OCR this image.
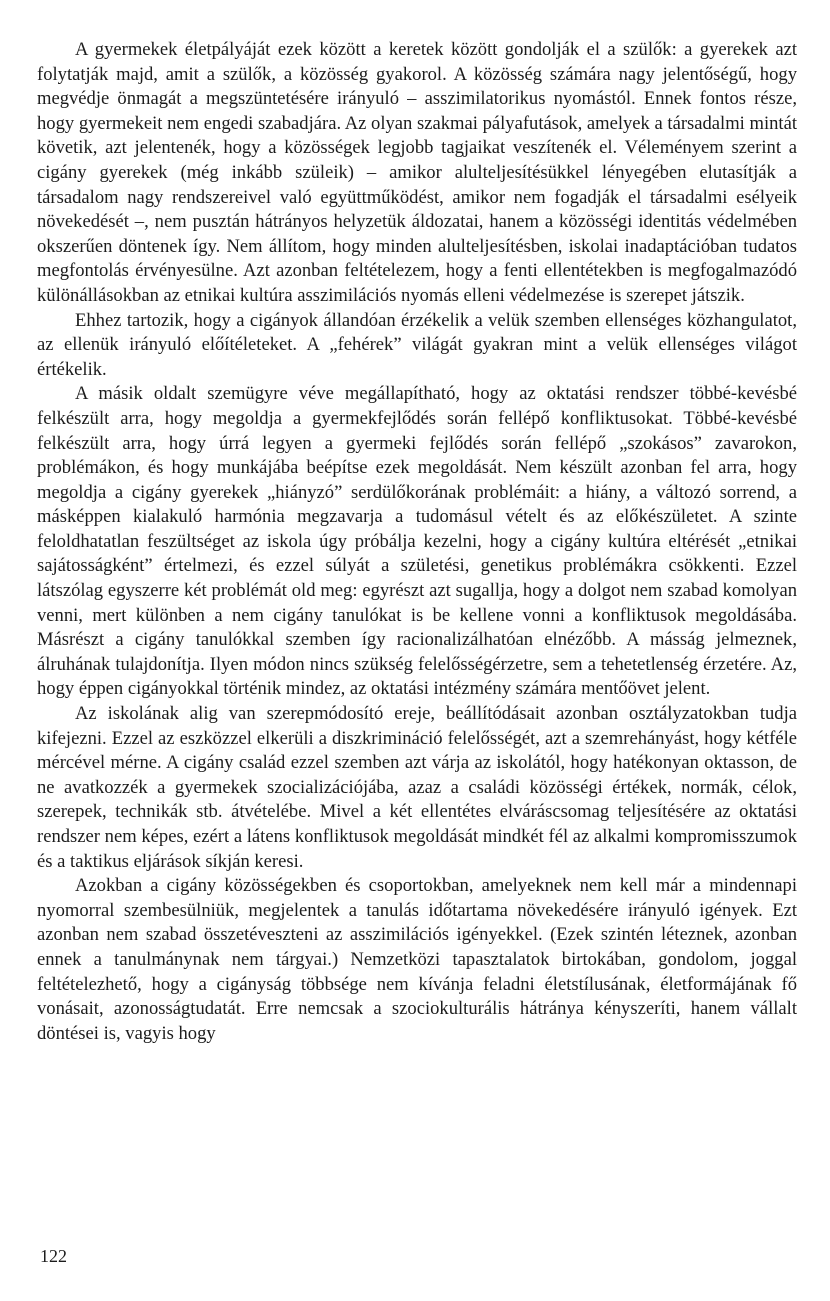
A gyermekek életpályáját ezek között a keretek között gondolják el a szülők: a gyerekek azt folytatják majd, amit a szülők, a közösség gyakorol. A közösség számára nagy jelentőségű, hogy megvédje önmagát a megszüntetésére irányuló – asszimilatorikus nyomástól. Ennek fontos része, hogy gyermekeit nem engedi szabadjára. Az olyan szakmai pályafutások, amelyek a társadalmi mintát követik, azt jelentenék, hogy a közösségek legjobb tagjaikat veszítenék el. Véleményem szerint a cigány gyerekek (még inkább szüleik) – amikor alulteljesítésükkel lényegében elutasítják a társadalom nagy rendszereivel való együttműködést, amikor nem fogadják el társadalmi esélyeik növekedését –, nem pusztán hátrányos helyzetük áldozatai, hanem a közösségi identitás védelmében okszerűen döntenek így. Nem állítom, hogy minden alulteljesítésben, iskolai inadaptációban tudatos megfontolás érvényesülne. Azt azonban feltételezem, hogy a fenti ellentétekben is megfogalmazódó különállásokban az etnikai kultúra asszimilációs nyomás elleni védelmezése is szerepet játszik.

Ehhez tartozik, hogy a cigányok állandóan érzékelik a velük szemben ellenséges közhangulatot, az ellenük irányuló előítéleteket. A „fehérek” világát gyakran mint a velük ellenséges világot értékelik.

A másik oldalt szemügyre véve megállapítható, hogy az oktatási rendszer többé-kevésbé felkészült arra, hogy megoldja a gyermekfejlődés során fellépő konfliktusokat. Többé-kevésbé felkészült arra, hogy úrrá legyen a gyermeki fejlődés során fellépő „szokásos” zavarokon, problémákon, és hogy munkájába beépítse ezek megoldását. Nem készült azonban fel arra, hogy megoldja a cigány gyerekek „hiányzó” serdülőkorának problémáit: a hiány, a változó sorrend, a másképpen kialakuló harmónia megzavarja a tudomásul vételt és az előkészületet. A szinte feloldhatatlan feszültséget az iskola úgy próbálja kezelni, hogy a cigány kultúra eltérését „etnikai sajátosságként” értelmezi, és ezzel súlyát a születési, genetikus problémákra csökkenti. Ezzel látszólag egyszerre két problémát old meg: egyrészt azt sugallja, hogy a dolgot nem szabad komolyan venni, mert különben a nem cigány tanulókat is be kellene vonni a konfliktusok megoldásába. Másrészt a cigány tanulókkal szemben így racionalizálhatóan elnézőbb. A másság jelmeznek, álruhának tulajdonítja. Ilyen módon nincs szükség felelősségérzetre, sem a tehetetlenség érzetére. Az, hogy éppen cigányokkal történik mindez, az oktatási intézmény számára mentőövet jelent.

Az iskolának alig van szerepmódosító ereje, beállítódásait azonban osztályzatokban tudja kifejezni. Ezzel az eszközzel elkerüli a diszkrimináció felelősségét, azt a szemrehányást, hogy kétféle mércével mérne. A cigány család ezzel szemben azt várja az iskolától, hogy hatékonyan oktasson, de ne avatkozzék a gyermekek szocializációjába, azaz a családi közösségi értékek, normák, célok, szerepek, technikák stb. átvételébe. Mivel a két ellentétes elváráscsomag teljesítésére az oktatási rendszer nem képes, ezért a látens konfliktusok megoldását mindkét fél az alkalmi kompromisszumok és a taktikus eljárások síkján keresi.

Azokban a cigány közösségekben és csoportokban, amelyeknek nem kell már a mindennapi nyomorral szembesülniük, megjelentek a tanulás időtartama növekedésére irányuló igények. Ezt azonban nem szabad összetéveszteni az asszimilációs igényekkel. (Ezek szintén léteznek, azonban ennek a tanulmánynak nem tárgyai.) Nemzetközi tapasztalatok birtokában, gondolom, joggal feltételezhető, hogy a cigányság többsége nem kívánja feladni életstílusának, életformájának fő vonásait, azonosságtudatát. Erre nemcsak a szociokulturális hátránya kényszeríti, hanem vállalt döntései is, vagyis hogy

122
